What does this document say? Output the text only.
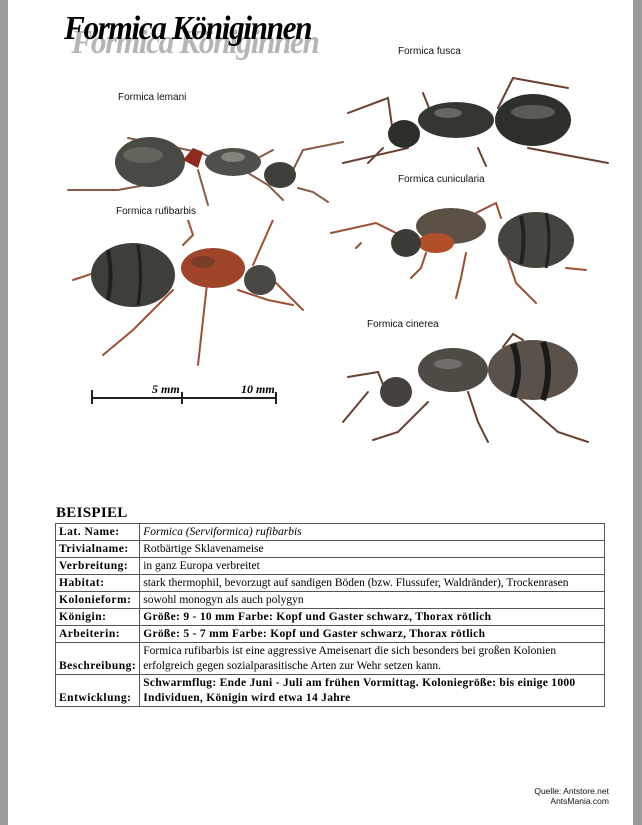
Formica Königinnen
Formica lemani
Formica fusca
Formica rufibarbis
Formica cunicularia
Formica cinerea
5 mm	10 mm
BEISPIEL
Lat. Name:	Formica (Serviformica) rufibarbis
Trivialname:	Rotbärtige Sklavenameise
Verbreitung:	in ganz Europa verbreitet
Habitat:	stark thermophil, bevorzugt auf sandigen Böden (bzw. Flussufer, Waldränder), Trockenrasen
Kolonieform:	sowohl monogyn als auch polygyn
Königin:	Größe: 9 - 10 mm Farbe: Kopf und Gaster schwarz, Thorax rötlich
Arbeiterin:	Größe: 5 - 7 mm Farbe: Kopf und Gaster schwarz, Thorax rötlich
Beschreibung:	Formica rufibarbis ist eine aggressive Ameisenart die sich besonders bei großen Kolonien erfolgreich gegen sozialparasitische Arten zur Wehr setzen kann.
Entwicklung:	Schwarmflug: Ende Juni - Juli am frühen Vormittag. Koloniegröße: bis einige 1000 Individuen, Königin wird etwa 14 Jahre
Quelle: Antstore.net
AntsMania.com
